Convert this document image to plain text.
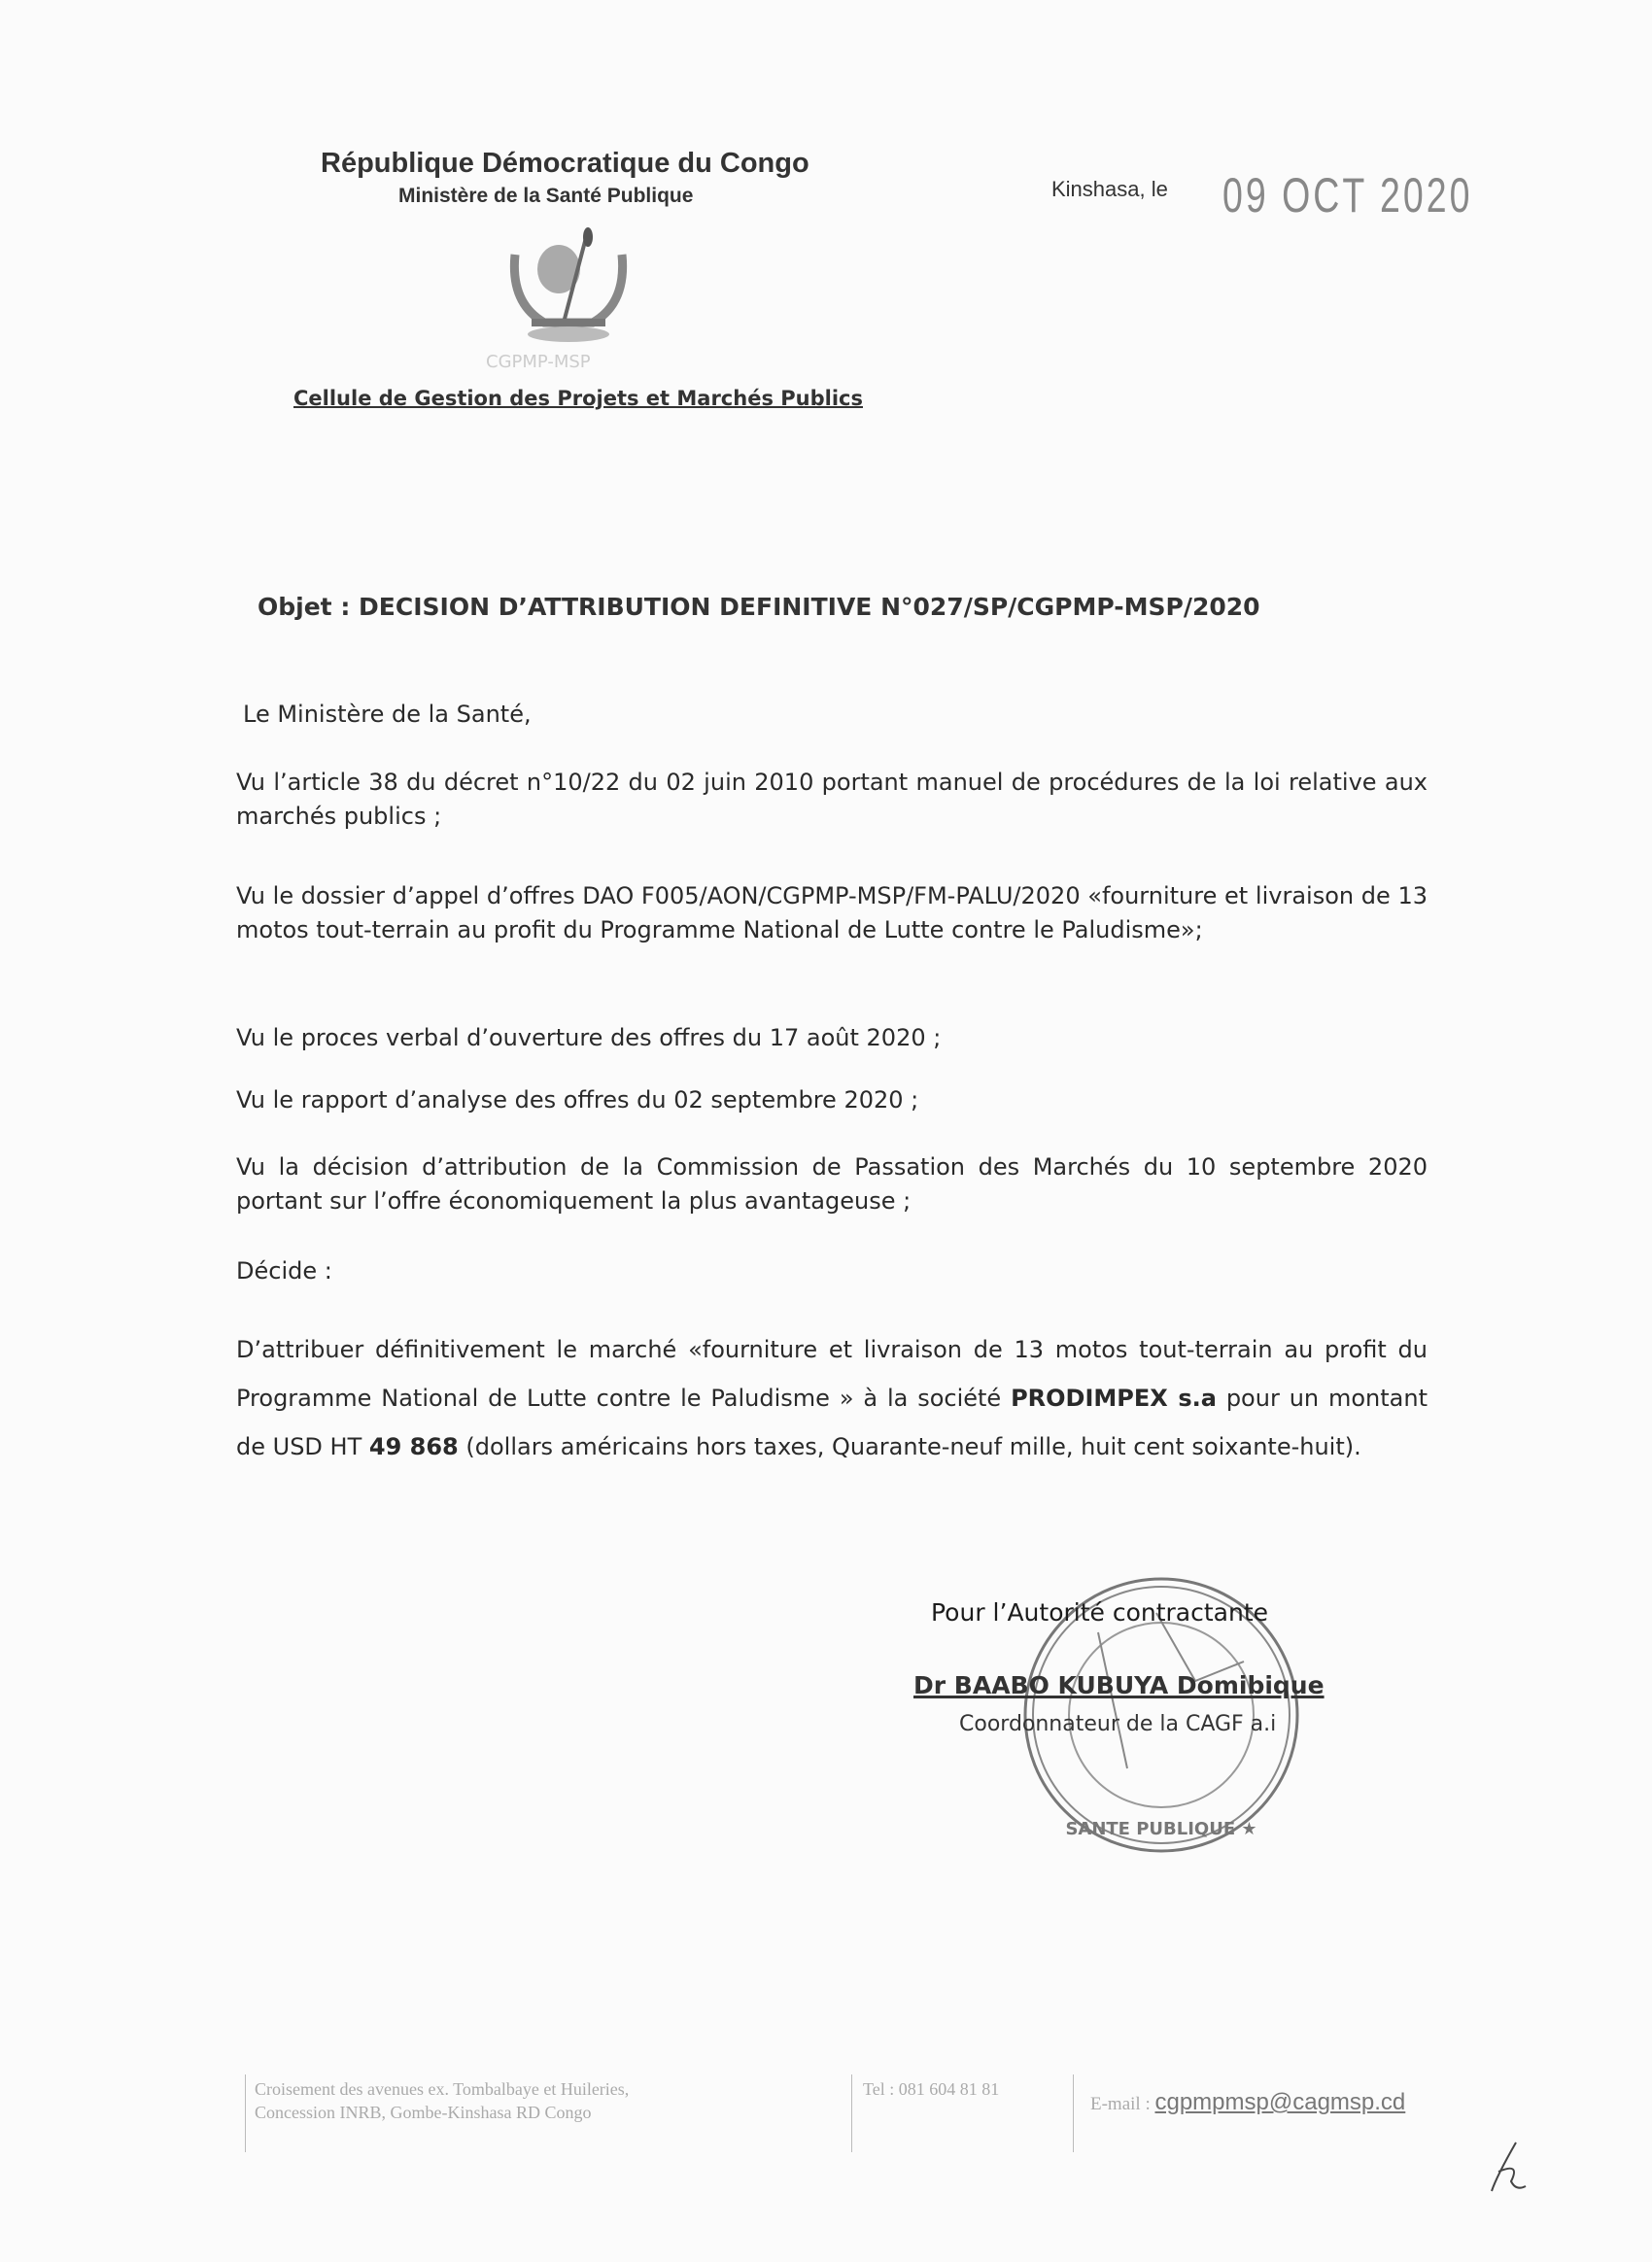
République Démocratique du Congo
Ministère de la Santé Publique	Kinshasa, le 09 OCT 2020
CGPMP-MSP
Cellule de Gestion des Projets et Marchés Publics
Objet : DECISION D’ATTRIBUTION DEFINITIVE N°027/SP/CGPMP-MSP/2020
Le Ministère de la Santé,
Vu l’article 38 du décret n°10/22 du 02 juin 2010 portant manuel de procédures de la loi relative aux marchés publics ;
Vu le dossier d’appel d’offres DAO F005/AON/CGPMP-MSP/FM-PALU/2020 «fourniture et livraison de 13 motos tout-terrain au profit du Programme National de Lutte contre le Paludisme»;
Vu le proces verbal d’ouverture des offres du 17 août 2020 ;
Vu le rapport d’analyse des offres du 02 septembre 2020 ;
Vu la décision d’attribution de la Commission de Passation des Marchés du 10 septembre 2020 portant sur l’offre économiquement la plus avantageuse ;
Décide :
D’attribuer définitivement le marché «fourniture et livraison de 13 motos tout-terrain au profit du Programme National de Lutte contre le Paludisme » à la société PRODIMPEX s.a pour un montant de USD HT 49 868 (dollars américains hors taxes, Quarante-neuf mille, huit cent soixante-huit).
SANTE PUBLIQUE ★
Pour l’Autorité contractante
Dr BAABO KUBUYA Domibique
Coordonnateur de la CAGF a.i
Croisement des avenues ex. Tombalbaye et Huileries,
Concession INRB, Gombe-Kinshasa RD Congo
Tel : 081 604 81 81
E-mail : cgpmpmsp@cagmsp.cd
